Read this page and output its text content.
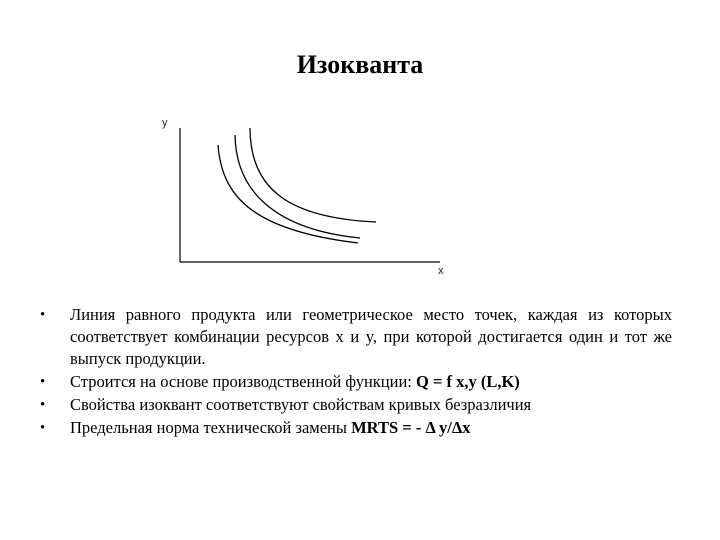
Изокванта
y
x
• Линия равного продукта или геометрическое место точек, каждая из которых соответствует комбинации ресурсов x и y, при которой достигается один и тот же выпуск продукции.
• Строится на основе производственной функции: Q = f x,y (L,K)
• Свойства изоквант соответствуют свойствам кривых безразличия
• Предельная норма технической замены MRTS = - Δ y/Δx
